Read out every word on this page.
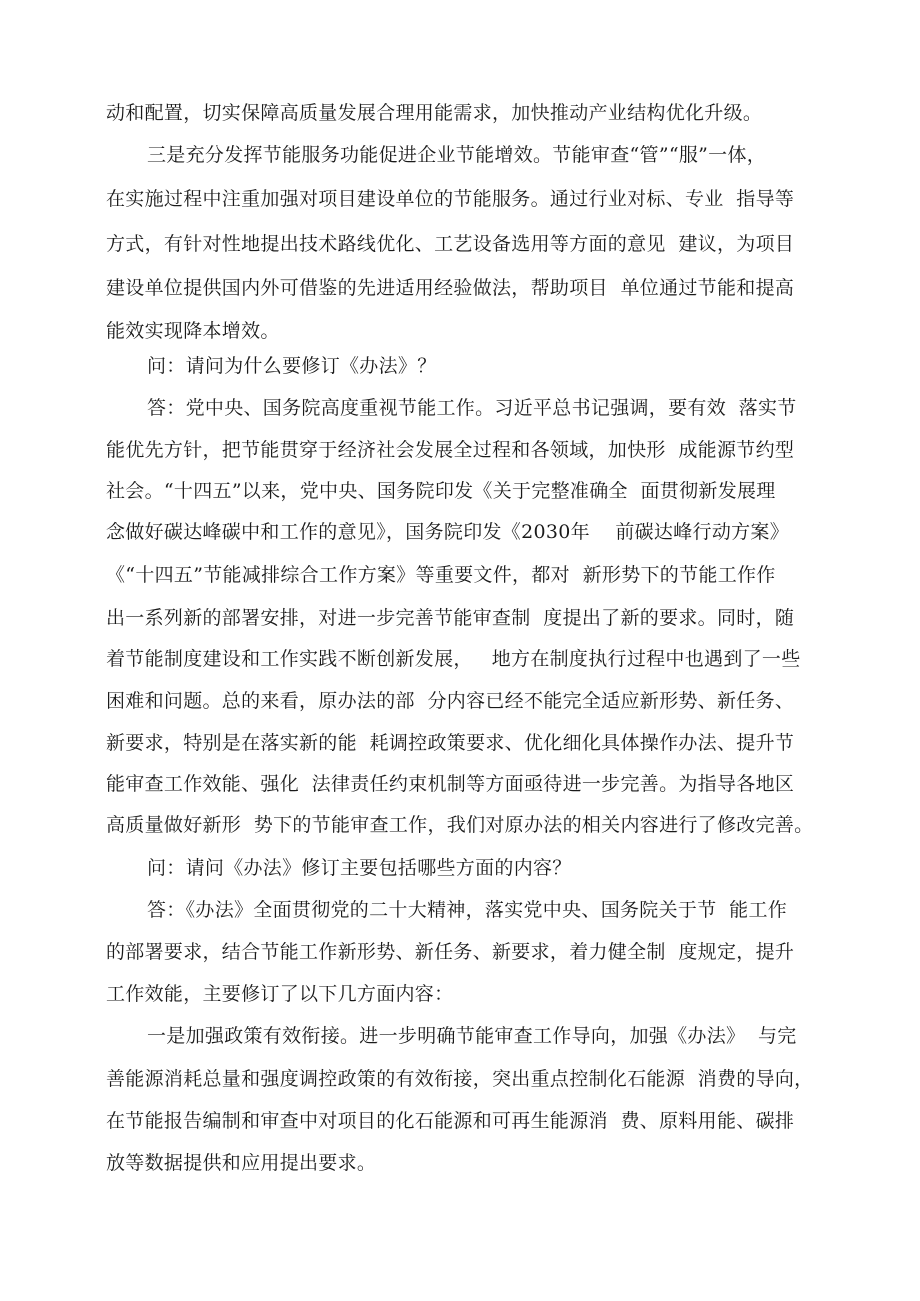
动和配置，切实保障高质量发展合理用能需求，加快推动产业结构优化升级。
三是充分发挥节能服务功能促进企业节能增效。节能审查“管”“服”一体，
在实施过程中注重加强对项目建设单位的节能服务。通过行业对标、专业  指导等
方式，有针对性地提出技术路线优化、工艺设备选用等方面的意见  建议，为项目
建设单位提供国内外可借鉴的先进适用经验做法，帮助项目  单位通过节能和提高
能效实现降本增效。
问：请问为什么要修订《办法》？
答：党中央、国务院高度重视节能工作。习近平总书记强调，要有效  落实节
能优先方针，把节能贯穿于经济社会发展全过程和各领域，加快形  成能源节约型
社会。“十四五”以来，党中央、国务院印发《关于完整准确全  面贯彻新发展理
念做好碳达峰碳中和工作的意见》，国务院印发《2030年    前碳达峰行动方案》
《“十四五”节能减排综合工作方案》等重要文件，都对  新形势下的节能工作作
出一系列新的部署安排，对进一步完善节能审查制  度提出了新的要求。同时，随
着节能制度建设和工作实践不断创新发展，   地方在制度执行过程中也遇到了一些
困难和问题。总的来看，原办法的部  分内容已经不能完全适应新形势、新任务、
新要求，特别是在落实新的能  耗调控政策要求、优化细化具体操作办法、提升节
能审查工作效能、强化  法律责任约束机制等方面亟待进一步完善。为指导各地区
高质量做好新形  势下的节能审查工作，我们对原办法的相关内容进行了修改完善。
问：请问《办法》修订主要包括哪些方面的内容？
答：《办法》全面贯彻党的二十大精神，落实党中央、国务院关于节  能工作
的部署要求，结合节能工作新形势、新任务、新要求，着力健全制  度规定，提升
工作效能，主要修订了以下几方面内容：
一是加强政策有效衔接。进一步明确节能审查工作导向，加强《办法》  与完
善能源消耗总量和强度调控政策的有效衔接，突出重点控制化石能源  消费的导向，
在节能报告编制和审查中对项目的化石能源和可再生能源消  费、原料用能、碳排
放等数据提供和应用提出要求。
